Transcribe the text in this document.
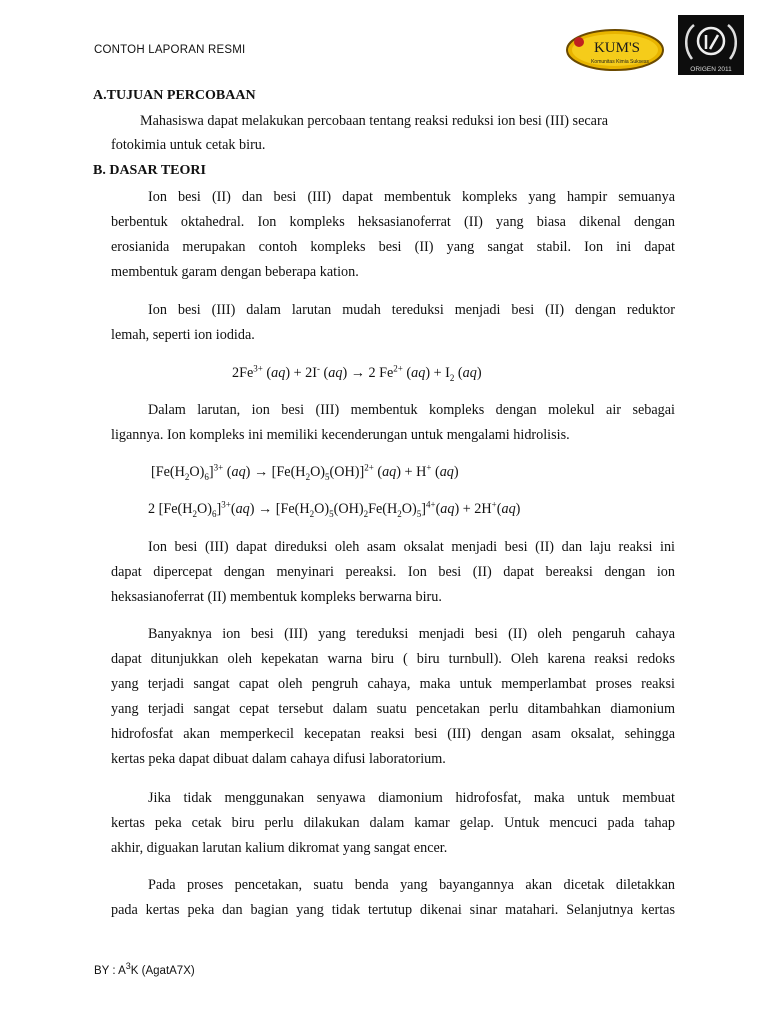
CONTOH LAPORAN RESMI	KUM'S
Komunitas Kimia Suksess
ORIGEN 2011
A.TUJUAN PERCOBAAN
Mahasiswa dapat melakukan percobaan tentang reaksi reduksi ion besi (III) secara
fotokimia untuk cetak biru.
B. DASAR TEORI
Ion besi (II) dan besi (III) dapat membentuk kompleks yang hampir semuanya
berbentuk oktahedral. Ion kompleks heksasianoferrat (II) yang biasa dikenal dengan
erosianida merupakan contoh kompleks besi (II) yang sangat stabil. Ion ini dapat
membentuk garam dengan beberapa kation.
Ion besi (III) dalam larutan mudah tereduksi menjadi besi (II) dengan reduktor
lemah, seperti ion iodida.
$2Fe^{3+}$ (aq) + 2I- (aq) → 2 $Fe^{2+}$ $(aq) + I_2$ (aq)
Dalam larutan, ion besi (III) membentuk kompleks dengan molekul air sebagai
ligannya. Ion kompleks ini memiliki kecenderungan untuk mengalami hidrolisis.
$[Fe(H_2O)_6]^{3+}$ $(aq) \to [Fe(H_2O)_5(OH)]^{2+}$ (aq) + H+ (aq)
2 $[Fe(H_2O)_6]^{3+}(aq) \to [Fe(H_2O)_5(OH)_2Fe(H_2O)_5]^{4+}(aq) + 2H^+(aq)$
Ion besi (III) dapat direduksi oleh asam oksalat menjadi besi (II) dan laju reaksi ini
dapat dipercepat dengan menyinari pereaksi. Ion besi (II) dapat bereaksi dengan ion
heksasianoferrat (II) membentuk kompleks berwarna biru.
Banyaknya ion besi (III) yang tereduksi menjadi besi (II) oleh pengaruh cahaya
dapat ditunjukkan oleh kepekatan warna biru ( biru turnbull). Oleh karena reaksi redoks
yang terjadi sangat capat oleh pengruh cahaya, maka untuk memperlambat proses reaksi
yang terjadi sangat cepat tersebut dalam suatu pencetakan perlu ditambahkan diamonium
hidrofosfat akan memperkecil kecepatan reaksi besi (III) dengan asam oksalat, sehingga
kertas peka dapat dibuat dalam cahaya difusi laboratorium.
Jika tidak menggunakan senyawa diamonium hidrofosfat, maka untuk membuat
kertas peka cetak biru perlu dilakukan dalam kamar gelap. Untuk mencuci pada tahap
akhir, diguakan larutan kalium dikromat yang sangat encer.
Pada proses pencetakan, suatu benda yang bayangannya akan dicetak diletakkan
pada kertas peka dan bagian yang tidak tertutup dikenai sinar matahari. Selanjutnya kertas
BY : $A^3K$ (AgatA7X)
